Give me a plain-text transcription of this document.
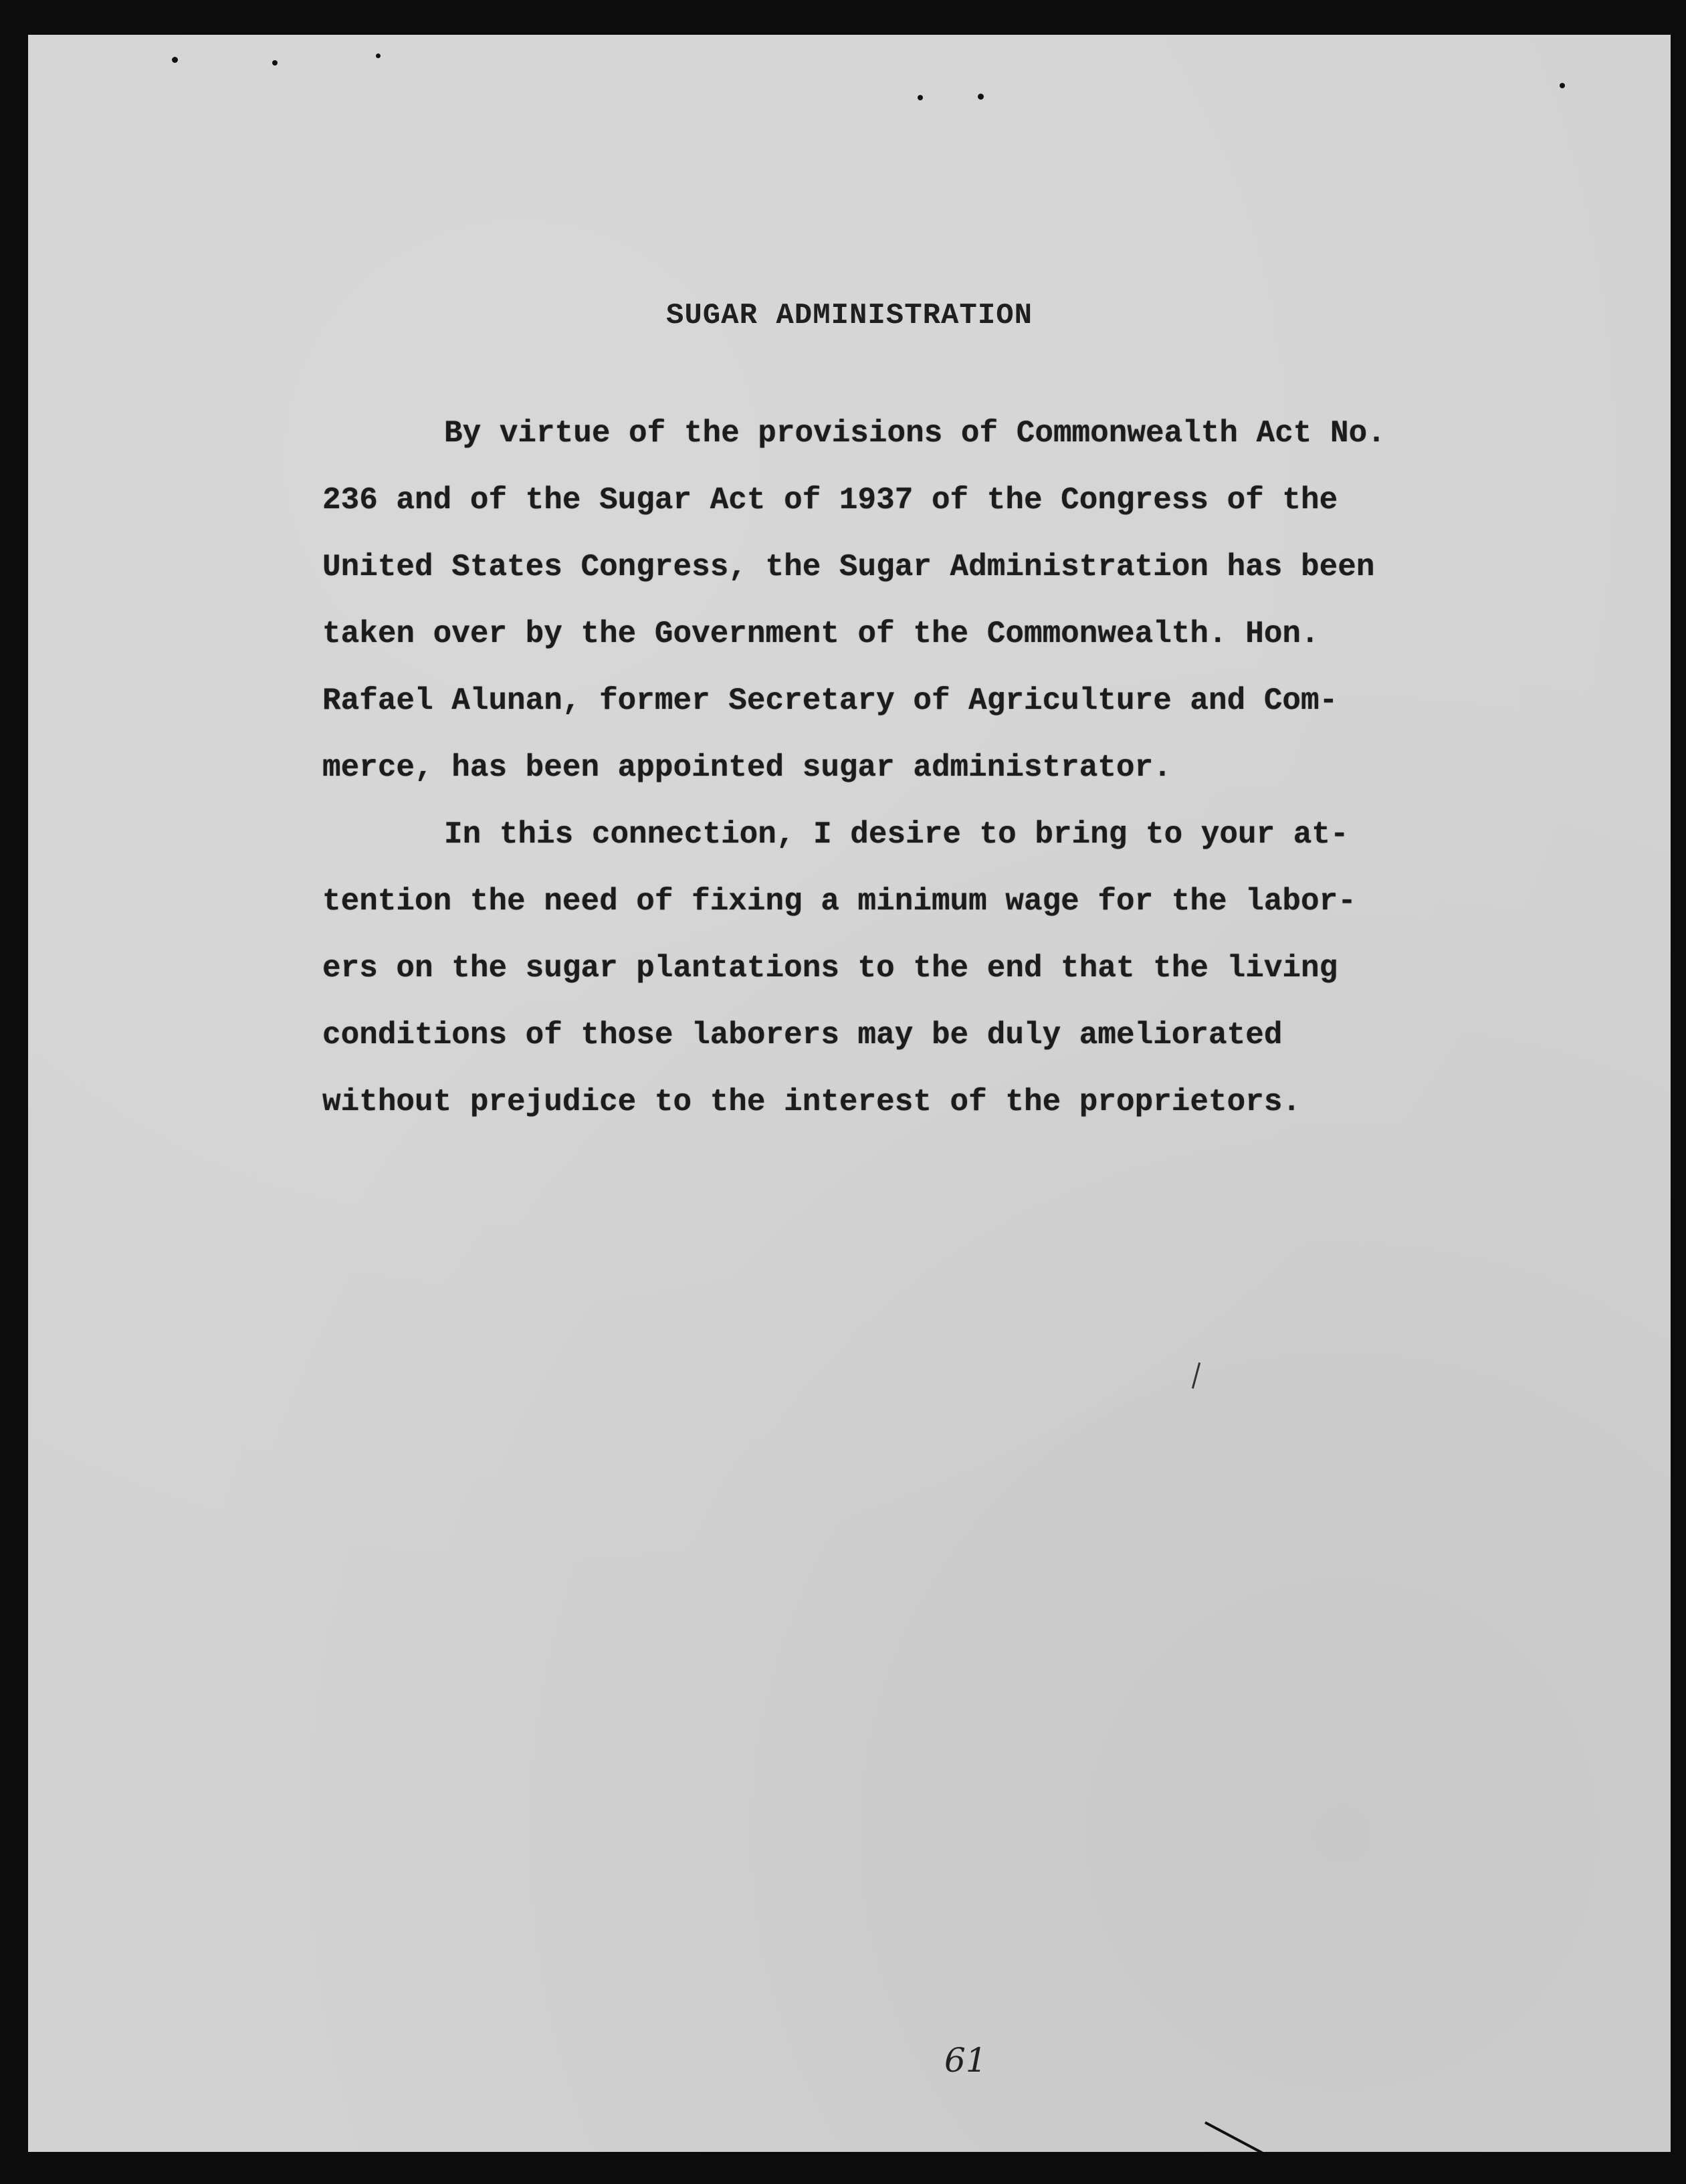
SUGAR ADMINISTRATION

By virtue of the provisions of Commonwealth Act No.

236 and of the Sugar Act of 1937 of the Congress of the

United States Congress, the Sugar Administration has been

taken over by the Government of the Commonwealth. Hon.

Rafael Alunan, former Secretary of Agriculture and Com-

merce, has been appointed sugar administrator.

In this connection, I desire to bring to your at-

tention the need of fixing a minimum wage for the labor-

ers on the sugar plantations to the end that the living

conditions of those laborers may be duly ameliorated

without prejudice to the interest of the proprietors.

61
